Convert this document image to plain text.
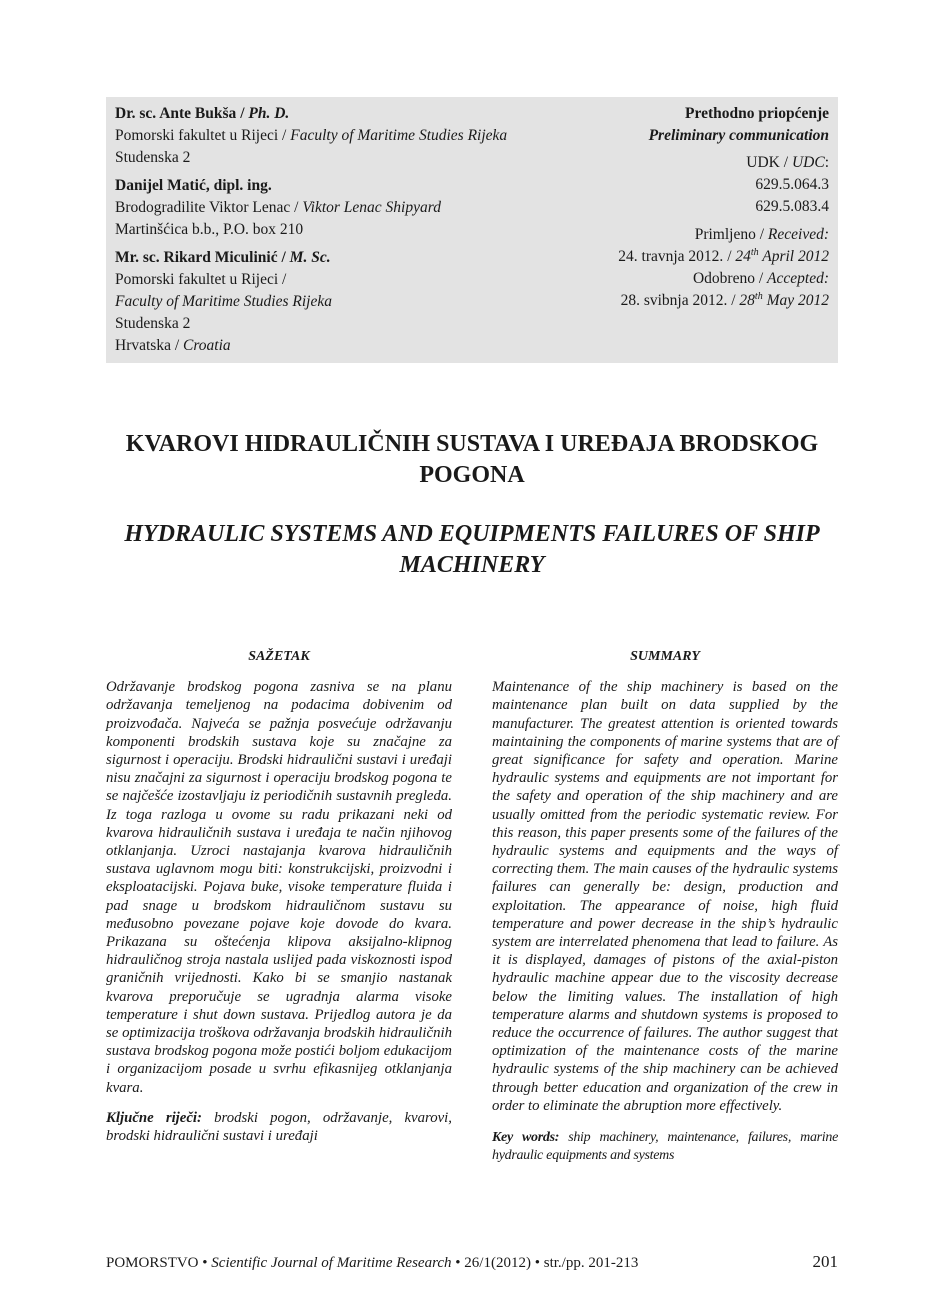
Dr. sc. Ante Bukša / Ph. D.
Pomorski fakultet u Rijeci / Faculty of Maritime Studies Rijeka
Studenska 2
Danijel Matić, dipl. ing.
Brodogradilite Viktor Lenac / Viktor Lenac Shipyard
Martinšćica b.b., P.O. box 210
Mr. sc. Rikard Miculinić / M. Sc.
Pomorski fakultet u Rijeci /
Faculty of Maritime Studies Rijeka
Studenska 2
Hrvatska / Croatia
Prethodno priopćenje
Preliminary communication
UDK / UDC:
629.5.064.3
629.5.083.4
Primljeno / Received:
24. travnja 2012. / 24th April 2012
Odobreno / Accepted:
28. svibnja 2012. / 28th May 2012
KVAROVI HIDRAULIČNIH SUSTAVA I UREĐAJA BRODSKOG
POGONA
HYDRAULIC SYSTEMS AND EQUIPMENTS FAILURES OF SHIP
MACHINERY
SAŽETAK
Održavanje brodskog pogona zasniva se na planu održavanja temeljenog na podacima dobivenim od proizvođača. Najveća se pažnja posvećuje održavanju komponenti brodskih sustava koje su značajne za sigurnost i operaciju. Brodski hidraulični sustavi i uređaji nisu značajni za sigurnost i operaciju brodskog pogona te se najčešće izostavljaju iz periodičnih sustavnih pregleda. Iz toga razloga u ovome su radu prikazani neki od kvarova hidrauličnih sustava i uređaja te način njihovog otklanjanja. Uzroci nastajanja kvarova hidrauličnih sustava uglavnom mogu biti: konstrukcijski, proizvodni i eksploatacijski. Pojava buke, visoke temperature fluida i pad snage u brodskom hidrauličnom sustavu su međusobno povezane pojave koje dovode do kvara. Prikazana su oštećenja klipova aksijalno-klipnog hidrauličnog stroja nastala uslijed pada viskoznosti ispod graničnih vrijednosti. Kako bi se smanjio nastanak kvarova preporučuje se ugradnja alarma visoke temperature i shut down sustava. Prijedlog autora je da se optimizacija troškova održavanja brodskih hidrauličnih sustava brodskog pogona može postići boljom edukacijom i organizacijom posade u svrhu efikasnijeg otklanjanja kvara.
Ključne riječi: brodski pogon, održavanje, kvarovi, brodski hidraulični sustavi i uređaji
SUMMARY
Maintenance of the ship machinery is based on the maintenance plan built on data supplied by the manufacturer. The greatest attention is oriented towards maintaining the components of marine systems that are of great significance for safety and operation. Marine hydraulic systems and equipments are not important for the safety and operation of the ship machinery and are usually omitted from the periodic systematic review. For this reason, this paper presents some of the failures of the hydraulic systems and equipments and the ways of correcting them. The main causes of the hydraulic systems failures can generally be: design, production and exploitation. The appearance of noise, high fluid temperature and power decrease in the ship’s hydraulic system are interrelated phenomena that lead to failure. As it is displayed, damages of pistons of the axial-piston hydraulic machine appear due to the viscosity decrease below the limiting values. The installation of high temperature alarms and shutdown systems is proposed to reduce the occurrence of failures. The author suggest that optimization of the maintenance costs of the marine hydraulic systems of the ship machinery can be achieved through better education and organization of the crew in order to eliminate the abruption more effectively.
Key words: ship machinery, maintenance, failures, marine hydraulic equipments and systems
POMORSTVO • Scientific Journal of Maritime Research • 26/1(2012) • str./pp. 201-213	201
